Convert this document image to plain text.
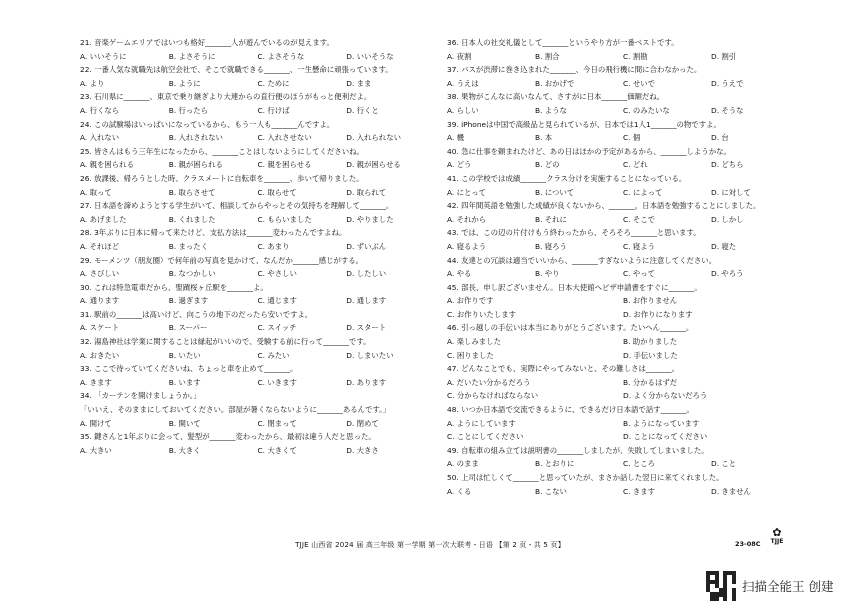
21. 音楽ゲームエリアではいつも格好_______人が遊んでいるのが見えます。
A. いいそうに	B. よさそうに	C. よさそうな	D. いいそうな
22. 一番人気な就職先は航空会社で、そこで就職できる_______、一生懸命に頑張っています。
A. より	B. ように	C. ために	D. まま
23. 石川県に_______、東京で乗り継ぎより大連からの直行便のほうがもっと便利だよ。
A. 行くなら	B. 行ったら	C. 行けば	D. 行くと
24. この試験場はいっぱいになっているから、もう一人も_______んですよ。
A. 入れない	B. 入れされない	C. 入れさせない	D. 入れられない
25. 皆さんはもう三年生になったから、_______ことはしないようにしてくださいね。
A. 親を困られる	B. 親が困られる	C. 親を困らせる	D. 親が困らせる
26. 放課後、帰ろうとした時、クラスメートに自転車を_______、歩いて帰りました。
A. 取って	B. 取らさせて	C. 取らせて	D. 取られて
27. 日本語を諦めようとする学生がいて、相談してからやっとその気持ちを理解して_______。
A. あげました	B. くれました	C. もらいました	D. やりました
28. 3年ぶりに日本に帰って来たけど、支払方法は_______変わったんですよね。
A. それほど	B. まったく	C. あまり	D. ずいぶん
29. モーメンツ（朋友圈）で何年前の写真を見かけて、なんだか_______感じがする。
A. さびしい	B. なつかしい	C. やさしい	D. したしい
30. これは特急電車だから、聖蹟桜ヶ丘駅を_______よ。
A. 通ります	B. 過ぎます	C. 通じます	D. 通します
31. 駅前の_______は高いけど、向こうの地下のだったら安いですよ。
A. スケート	B. スーパー	C. スイッチ	D. スタート
32. 湯島神社は学業に関することは縁起がいいので、受験する前に行って_______です。
A. おきたい	B. いたい	C. みたい	D. しまいたい
33. ここで待っていてくださいね、ちょっと車を止めて_______。
A. きます	B. います	C. いきます	D. あります
34. 「カーテンを開けましょうか。」
「いいえ、そのままにしておいてください。部屋が暑くならないように_______あるんです。」
A. 開けて	B. 開いて	C. 閉まって	D. 閉めて
35. 鍵さんと1年ぶりに会って、髪型が_______変わったから、最初は違う人だと思った。
A. 大きい	B. 大きく	C. 大きくて	D. 大きさ
36. 日本人の社交礼儀として_______というやり方が一番ベストです。
A. 夜割	B. 割合	C. 割勘	D. 割引
37. バスが渋滞に巻き込まれた_______、今日の飛行機に間に合わなかった。
A. うえは	B. おかげで	C. せいで	D. うえで
38. 果物がこんなに高いなんて、さすがに日本_______価額だね。
A. らしい	B. ような	C. のみたいな	D. そうな
39. iPhoneは中国で高級品と見られているが、日本では1人1_______の物ですよ。
A. 機	B. 本	C. 個	D. 台
40. 急に仕事を頼まれたけど、あの日はほかの予定があるから、_______しようかな。
A. どう	B. どの	C. どれ	D. どちら
41. この学校では成績_______クラス分けを実施することになっている。
A. にとって	B. について	C. によって	D. に対して
42. 四年間英語を勉強した成績が良くないから、_______，日本語を勉強することにしました。
A. それから	B. それに	C. そこで	D. しかし
43. では、この辺の片付けもう終わったから、そろそろ_______と思います。
A. 寝るよう	B. 寝ろう	C. 寝よう	D. 寝た
44. 友達との冗談は適当でいいから、_______すぎないように注意してください。
A. やる	B. やり	C. やって	D. やろう
45. 部長、申し訳ございません。日本大使館へビザ申請書をすぐに_______。
A. お作りです	B. お作りません
C. お作りいたします	D. お作りになります
46. 引っ越しの手伝いは本当にありがとうございます。たいへん_______。
A. 楽しみました	B. 助かりました
C. 困りました	D. 手伝いました
47. どんなことでも、実際にやってみないと、その難しさは_______。
A. だいたい分かるだろう	B. 分かるはずだ
C. 分からなければならない	D. よく分からないだろう
48. いつか日本語で交流できるように、できるだけ日本語で話す_______。
A. ようにしています	B. ようになっています
C. ことにしてください	D. ことになってください
49. 自転車の組み立ては説明書の_______しましたが、失敗してしまいました。
A. のまま	B. とおりに	C. ところ	D. こと
50. 上司は忙しくて_______と思っていたが、まさか話した翌日に来てくれました。
A. くる	B. こない	C. きます	D. きません
TJJE 山西省 2024 届 高三年级 第一学期 第一次大联考・日语 【第 2 页・共 5 页】	23-08C
✿
TJJE
扫描全能王 创建
